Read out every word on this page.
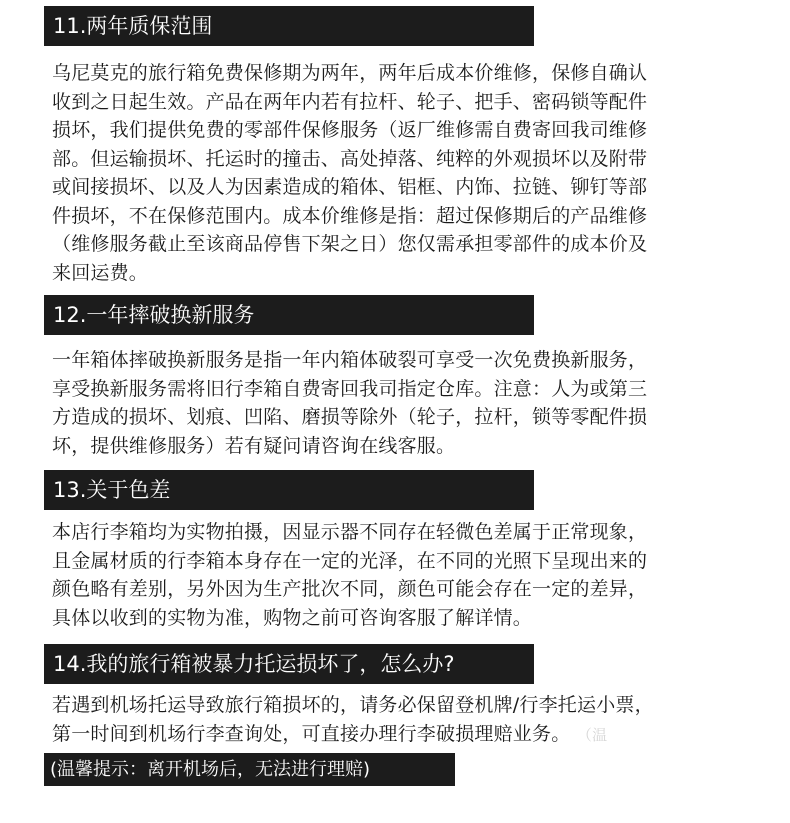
11.两年质保范围
乌尼莫克的旅行箱免费保修期为两年，两年后成本价维修，保修自确认
收到之日起生效。产品在两年内若有拉杆、轮子、把手、密码锁等配件
损坏，我们提供免费的零部件保修服务（返厂维修需自费寄回我司维修
部。但运输损坏、托运时的撞击、高处掉落、纯粹的外观损坏以及附带
或间接损坏、以及人为因素造成的箱体、铝框、内饰、拉链、铆钉等部
件损坏，不在保修范围内。成本价维修是指：超过保修期后的产品维修
（维修服务截止至该商品停售下架之日）您仅需承担零部件的成本价及
来回运费。
12.一年摔破换新服务
一年箱体摔破换新服务是指一年内箱体破裂可享受一次免费换新服务，
享受换新服务需将旧行李箱自费寄回我司指定仓库。注意：人为或第三
方造成的损坏、划痕、凹陷、磨损等除外（轮子，拉杆，锁等零配件损
坏，提供维修服务）若有疑问请咨询在线客服。
13.关于色差
本店行李箱均为实物拍摄，因显示器不同存在轻微色差属于正常现象，
且金属材质的行李箱本身存在一定的光泽，在不同的光照下呈现出来的
颜色略有差别，另外因为生产批次不同，颜色可能会存在一定的差异，
具体以收到的实物为准，购物之前可咨询客服了解详情。
14.我的旅行箱被暴力托运损坏了，怎么办?
若遇到机场托运导致旅行箱损坏的，请务必保留登机牌/行李托运小票，
第一时间到机场行李查询处，可直接办理行李破损理赔业务。 （温
(温馨提示：离开机场后，无法进行理赔)
